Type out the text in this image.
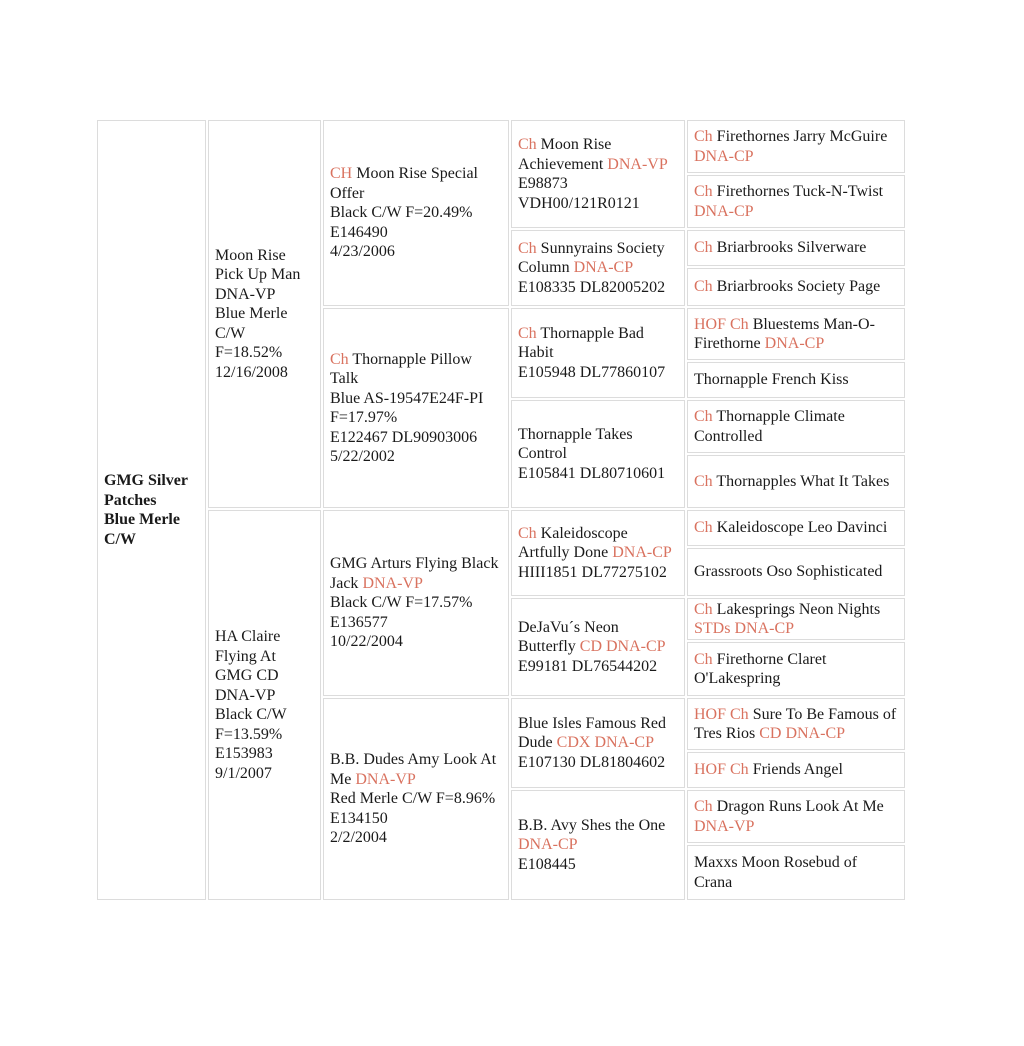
GMG Silver
Patches
Blue Merle
C/W
Moon Rise
Pick Up Man
DNA-VP
Blue Merle
C/W
F=18.52%
12/16/2008
HA Claire
Flying At
GMG CD
DNA-VP
Black C/W
F=13.59%
E153983
9/1/2007
CH Moon Rise Special Offer
Black C/W F=20.49%
E146490
4/23/2006
Ch Thornapple Pillow Talk
Blue AS-19547E24F-PI
F=17.97%
E122467 DL90903006
5/22/2002
GMG Arturs Flying Black Jack DNA-VP
Black C/W F=17.57%
E136577
10/22/2004
B.B. Dudes Amy Look At Me DNA-VP
Red Merle C/W F=8.96%
E134150
2/2/2004
Ch Moon Rise Achievement DNA-VP
E98873
VDH00/121R0121
Ch Sunnyrains Society Column DNA-CP
E108335 DL82005202
Ch Thornapple Bad Habit
E105948 DL77860107
Thornapple Takes Control
E105841 DL80710601
Ch Kaleidoscope Artfully Done DNA-CP
HIII1851 DL77275102
DeJaVu´s Neon Butterfly CD DNA-CP
E99181 DL76544202
Blue Isles Famous Red Dude CDX DNA-CP
E107130 DL81804602
B.B. Avy Shes the One DNA-CP
E108445
Ch Firethornes Jarry McGuire DNA-CP
Ch Firethornes Tuck-N-Twist DNA-CP
Ch Briarbrooks Silverware
Ch Briarbrooks Society Page
HOF Ch Bluestems Man-O-Firethorne DNA-CP
Thornapple French Kiss
Ch Thornapple Climate Controlled
Ch Thornapples What It Takes
Ch Kaleidoscope Leo Davinci
Grassroots Oso Sophisticated
Ch Lakesprings Neon Nights STDs DNA-CP
Ch Firethorne Claret O'Lakespring
HOF Ch Sure To Be Famous of Tres Rios CD DNA-CP
HOF Ch Friends Angel
Ch Dragon Runs Look At Me DNA-VP
Maxxs Moon Rosebud of Crana
